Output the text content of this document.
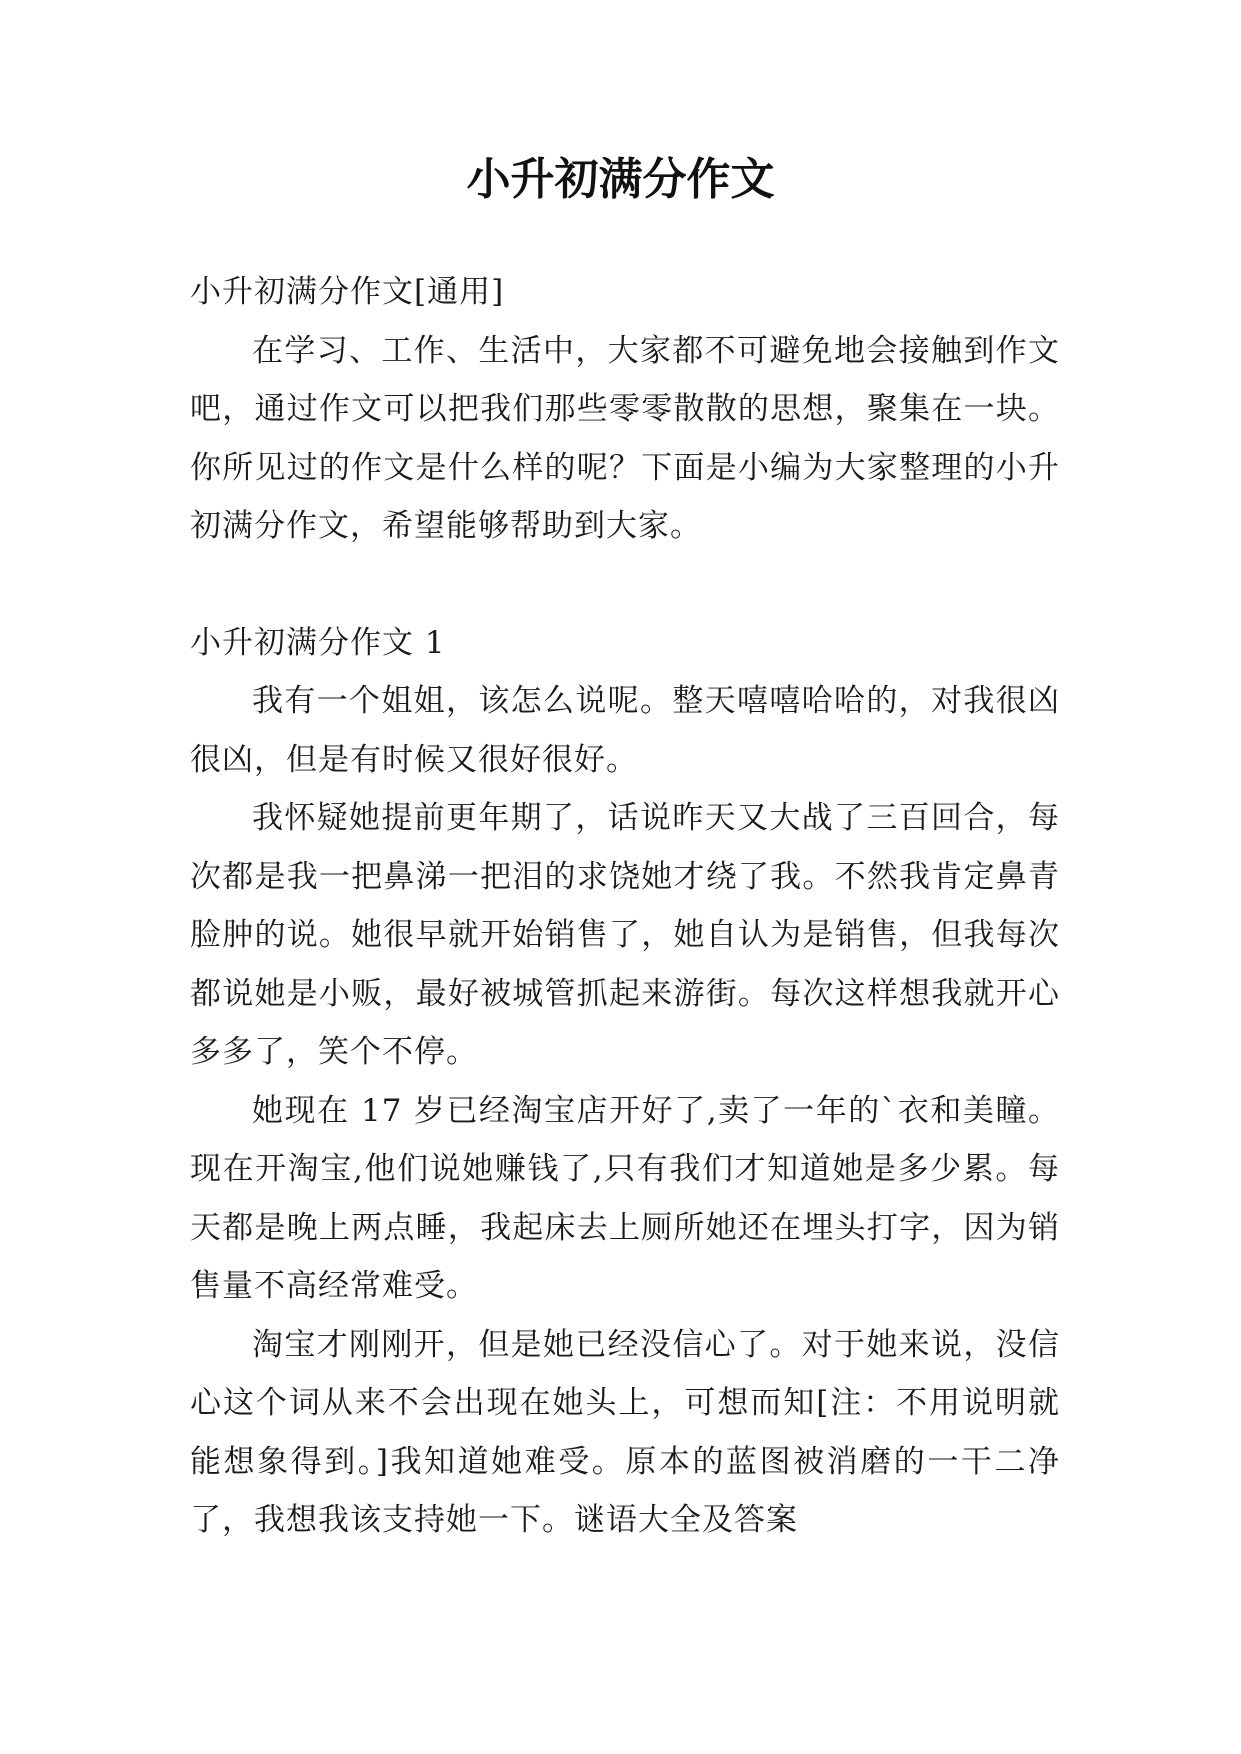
小升初满分作文

小升初满分作文[通用]

在学习、工作、生活中，大家都不可避免地会接触到作文吧，通过作文可以把我们那些零零散散的思想，聚集在一块。你所见过的作文是什么样的呢？下面是小编为大家整理的小升初满分作文，希望能够帮助到大家。

小升初满分作文 1

我有一个姐姐，该怎么说呢。整天嘻嘻哈哈的，对我很凶很凶，但是有时候又很好很好。

我怀疑她提前更年期了，话说昨天又大战了三百回合，每次都是我一把鼻涕一把泪的求饶她才绕了我。不然我肯定鼻青脸肿的说。她很早就开始销售了，她自认为是销售，但我每次都说她是小贩，最好被城管抓起来游街。每次这样想我就开心多多了，笑个不停。

她现在 17 岁已经淘宝店开好了,卖了一年的`衣和美瞳。现在开淘宝,他们说她赚钱了,只有我们才知道她是多少累。每天都是晚上两点睡，我起床去上厕所她还在埋头打字，因为销售量不高经常难受。

淘宝才刚刚开，但是她已经没信心了。对于她来说，没信心这个词从来不会出现在她头上，可想而知[注：不用说明就能想象得到。]我知道她难受。原本的蓝图被消磨的一干二净了，我想我该支持她一下。谜语大全及答案
